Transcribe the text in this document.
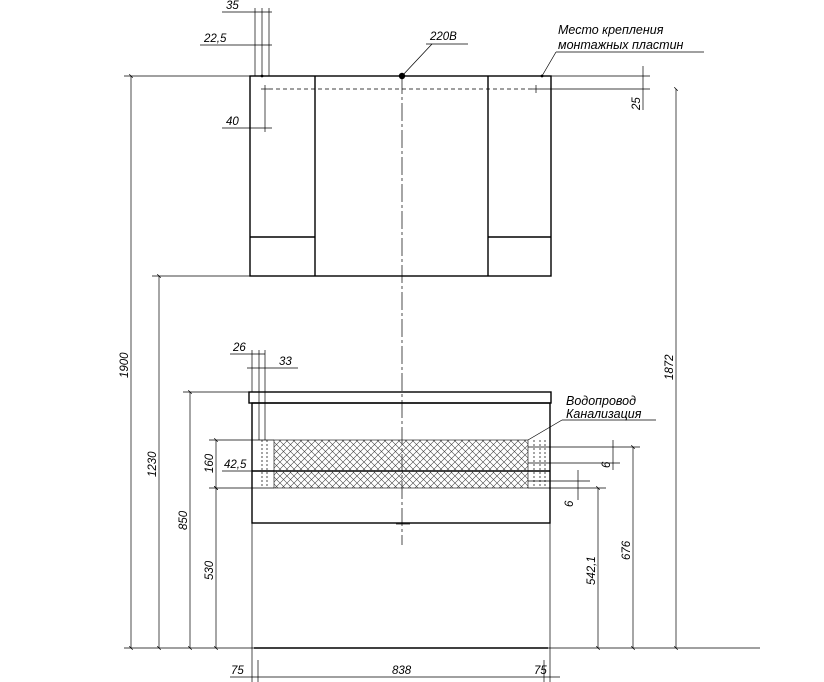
35
22,5
40
220В
25
1900
1230
850
530
160 42,5
26
33	1872
676
6
542,1
6
75	838	75
Место крепления
монтажных пластин
Водопровод
Канализация
